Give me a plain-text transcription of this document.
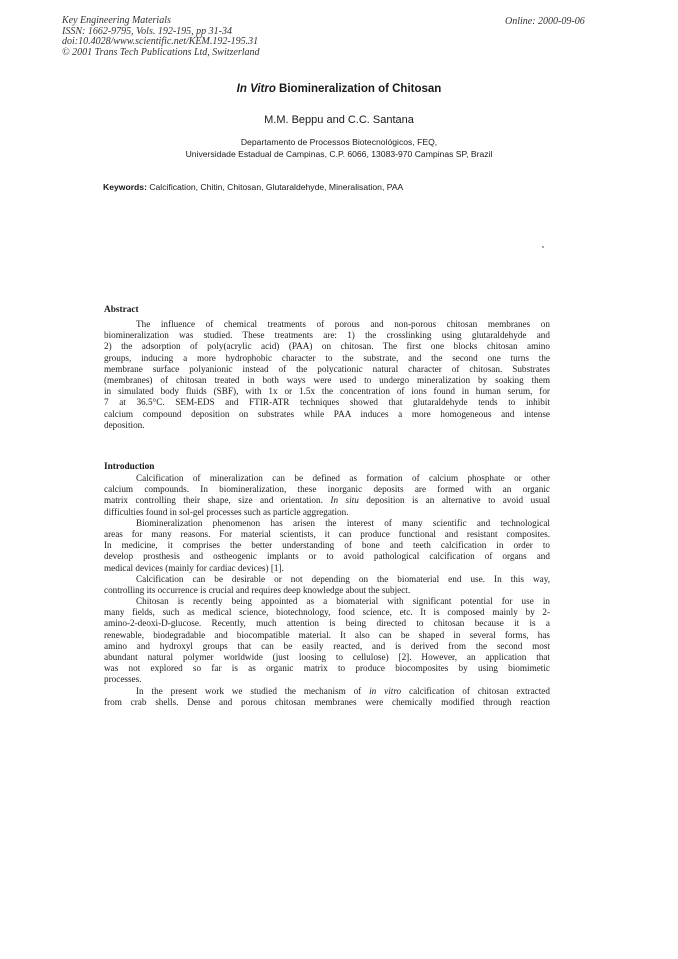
Key Engineering Materials
ISSN: 1662-9795, Vols. 192-195, pp 31-34
doi:10.4028/www.scientific.net/KEM.192-195.31
© 2001 Trans Tech Publications Ltd, Switzerland
Online: 2000-09-06
In Vitro Biomineralization of Chitosan
M.M. Beppu and C.C. Santana
Departamento de Processos Biotecnológicos, FEQ,
Universidade Estadual de Campinas, C.P. 6066, 13083-970 Campinas SP, Brazil
Keywords: Calcification, Chitin, Chitosan, Glutaraldehyde, Mineralisation, PAA
Abstract
The influence of chemical treatments of porous and non-porous chitosan membranes on
biomineralization was studied. These treatments are: 1) the crosslinking using glutaraldehyde and
2) the adsorption of poly(acrylic acid) (PAA) on chitosan. The first one blocks chitosan amino
groups, inducing a more hydrophobic character to the substrate, and the second one turns the
membrane surface polyanionic instead of the polycationic natural character of chitosan. Substrates
(membranes) of chitosan treated in both ways were used to undergo mineralization by soaking them
in simulated body fluids (SBF), with 1x or 1.5x the concentration of ions found in human serum, for
7 at 36.5°C. SEM-EDS and FTIR-ATR techniques showed that glutaraldehyde tends to inhibit
calcium compound deposition on substrates while PAA induces a more homogeneous and intense
deposition.
Introduction
Calcification of mineralization can be defined as formation of calcium phosphate or other
calcium compounds. In biomineralization, these inorganic deposits are formed with an organic
matrix controlling their shape, size and orientation. In situ deposition is an alternative to avoid usual
difficulties found in sol-gel processes such as particle aggregation.
Biomineralization phenomenon has arisen the interest of many scientific and technological
areas for many reasons. For material scientists, it can produce functional and resistant composites.
In medicine, it comprises the better understanding of bone and teeth calcification in order to
develop prosthesis and ostheogenic implants or to avoid pathological calcification of organs and
medical devices (mainly for cardiac devices) [1].
Calcification can be desirable or not depending on the biomaterial end use. In this way,
controlling its occurrence is crucial and requires deep knowledge about the subject.
Chitosan is recently being appointed as a biomaterial with significant potential for use in
many fields, such as medical science, biotechnology, food science, etc. It is composed mainly by 2-
amino-2-deoxi-D-glucose. Recently, much attention is being directed to chitosan because it is a
renewable, biodegradable and biocompatible material. It also can be shaped in several forms, has
amino and hydroxyl groups that can be easily reacted, and is derived from the second most
abundant natural polymer worldwide (just loosing to cellulose) [2]. However, an application that
was not explored so far is as organic matrix to produce biocomposites by using biomimetic
processes.
In the present work we studied the mechanism of in vitro calcification of chitosan extracted
from crab shells. Dense and porous chitosan membranes were chemically modified through reaction
